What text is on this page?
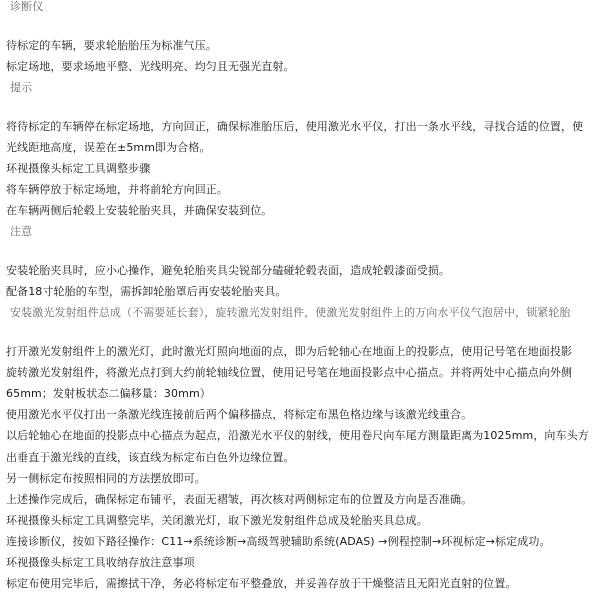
诊断仪
待标定的车辆，要求轮胎胎压为标准气压。
标定场地，要求场地平整、光线明亮、均匀且无强光直射。
提示
将待标定的车辆停在标定场地，方向回正，确保标准胎压后，使用激光水平仪，打出一条水平线，寻找合适的位置，使
光线距地高度，误差在±5mm即为合格。
环视摄像头标定工具调整步骤
将车辆停放于标定场地，并将前轮方向回正。
在车辆两侧后轮毂上安装轮胎夹具，并确保安装到位。
注意
安装轮胎夹具时，应小心操作，避免轮胎夹具尖锐部分磕碰轮毂表面，造成轮毂漆面受损。
配备18寸轮胎的车型，需拆卸轮胎罩后再安装轮胎夹具。
安装激光发射组件总成（不需要延长套），旋转激光发射组件，使激光发射组件上的万向水平仪气泡居中，锁紧轮胎
打开激光发射组件上的激光灯，此时激光灯照向地面的点，即为后轮轴心在地面上的投影点，使用记号笔在地面投影
旋转激光发射组件，将激光点打到大约前轮轴线位置，使用记号笔在地面投影点中心描点。并将两处中心描点向外侧
65mm；发射板状态二偏移量：30mm）
使用激光水平仪打出一条激光线连接前后两个偏移描点，将标定布黑色格边缘与该激光线重合。
以后轮轴心在地面的投影点中心描点为起点，沿激光水平仪的射线，使用卷尺向车尾方测量距离为1025mm，向车头方
出垂直于激光线的直线，该直线为标定布白色外边缘位置。
另一侧标定布按照相同的方法摆放即可。
上述操作完成后，确保标定布铺平，表面无褶皱，再次核对两侧标定布的位置及方向是否准确。
环视摄像头标定工具调整完毕，关闭激光灯，取下激光发射组件总成及轮胎夹具总成。
连接诊断仪，按如下路径操作：C11→系统诊断→高级驾驶辅助系统(ADAS) →例程控制→环视标定→标定成功。
环视摄像头标定工具收纳存放注意事项
标定布使用完毕后，需擦拭干净，务必将标定布平整叠放，并妥善存放于干燥整洁且无阳光直射的位置。
